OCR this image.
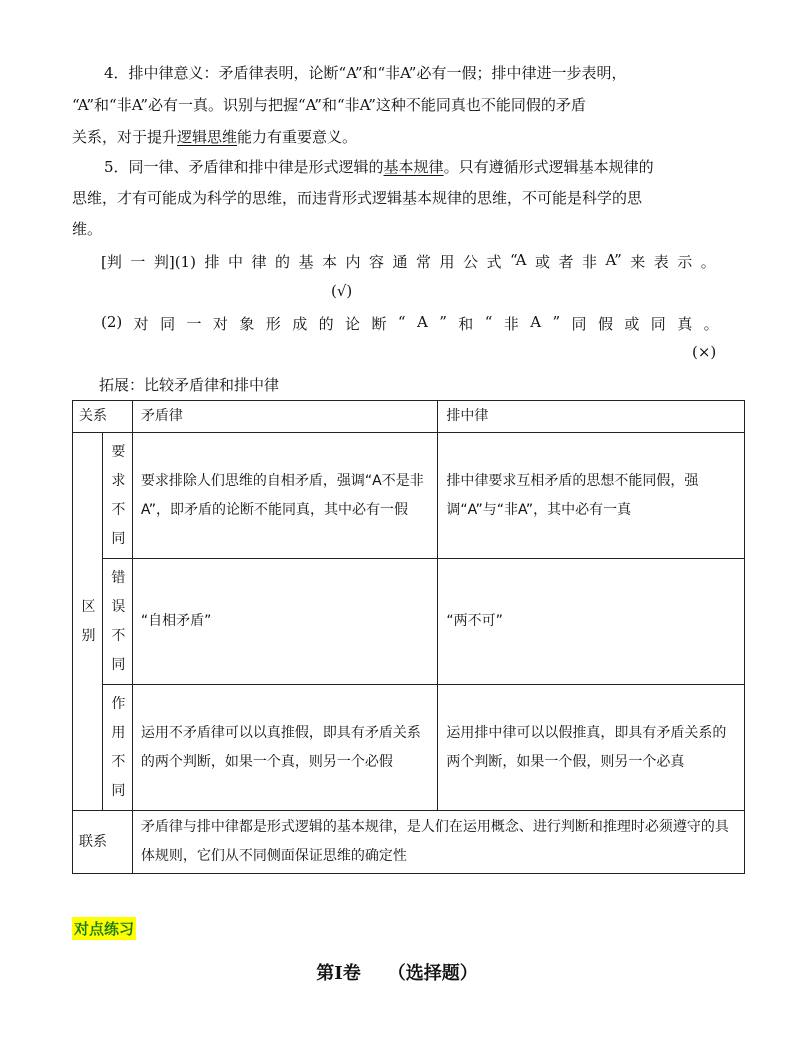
4．排中律意义：矛盾律表明，论断“A”和“非A”必有一假；排中律进一步表明，
“A”和“非A”必有一真。识别与把握“A”和“非A”这种不能同真也不能同假的矛盾
关系，对于提升逻辑思维能力有重要意义。
5．同一律、矛盾律和排中律是形式逻辑的基本规律。只有遵循形式逻辑基本规律的
思维，才有可能成为科学的思维，而违背形式逻辑基本规律的思维，不可能是科学的思
维。
[判 一 判](1) 排 中 律 的 基 本 内 容 通 常 用 公 式 “A 或 者 非 A” 来 表 示 。
(√)
(2) 对 同 一 对 象 形 成 的 论 断 “ A ” 和 “ 非 A ” 同 假 或 同 真 。
(×)
拓展：比较矛盾律和排中律
关系		矛盾律	排中律

区别	要求不同	要求排除人们思维的自相矛盾，强调“A不是非A”，即矛盾的论断不能同真，其中必有一假	排中律要求互相矛盾的思想不能同假，强调“A”与“非A”，其中必有一真

	错误不同	“自相矛盾”	“两不可”

	作用不同	运用不矛盾律可以以真推假，即具有矛盾关系的两个判断，如果一个真，则另一个必假	运用排中律可以以假推真，即具有矛盾关系的两个判断，如果一个假，则另一个必真
联系		矛盾律与排中律都是形式逻辑的基本规律，是人们在运用概念、进行判断和推理时必须遵守的具体规则，它们从不同侧面保证思维的确定性	
对点练习
第Ⅰ卷　　（选择题）
